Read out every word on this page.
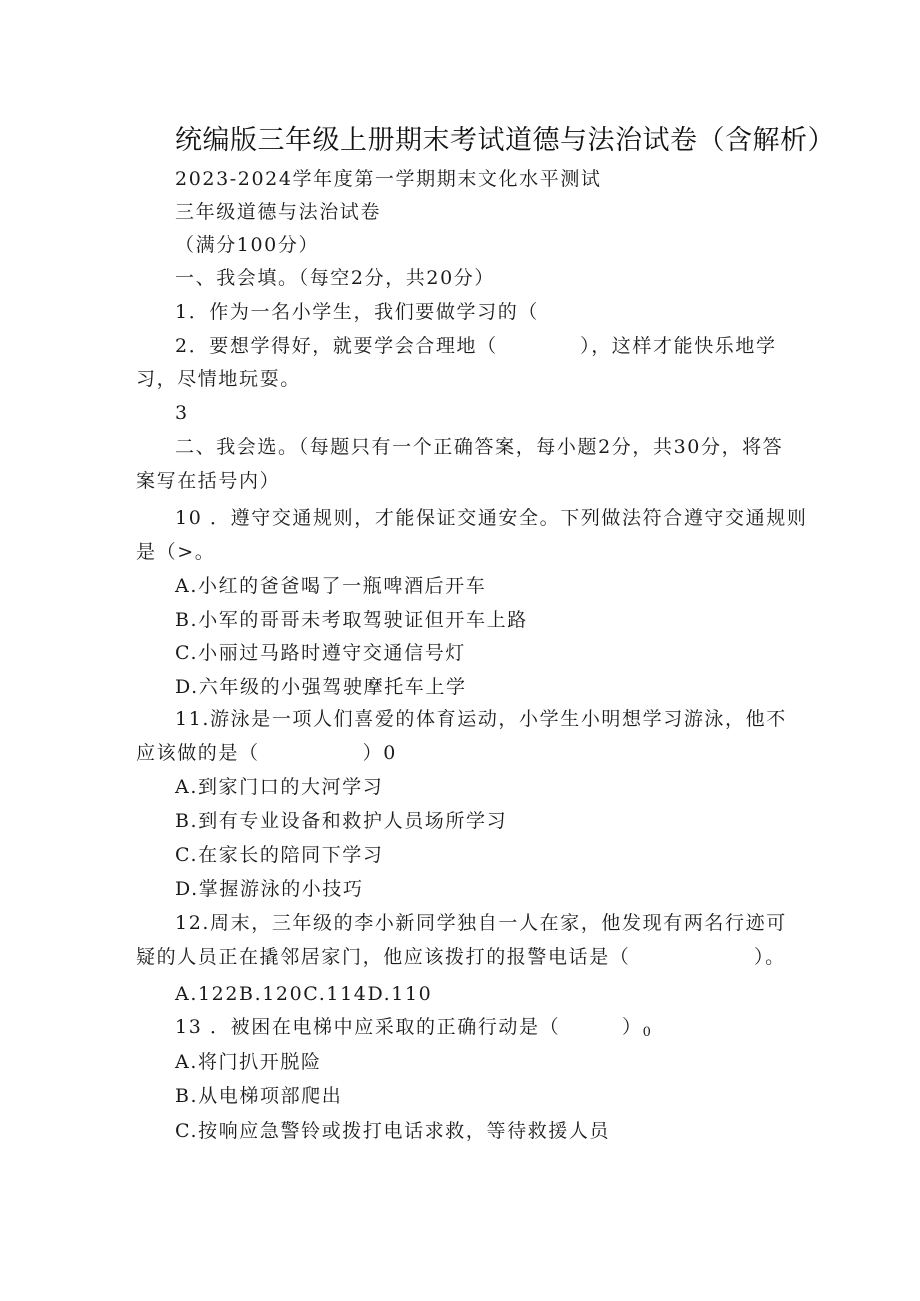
统编版三年级上册期末考试道德与法治试卷（含解析）
2023-2024学年度第一学期期末文化水平测试
三年级道德与法治试卷
（满分100分）
一、我会填。（每空2分，共20分）
1．作为一名小学生，我们要做学习的（
2．要想学得好，就要学会合理地（　　　　），这样才能快乐地学
习，尽情地玩耍。
3
二、我会选。（每题只有一个正确答案，每小题2分，共30分，将答
案写在括号内）
10 ．遵守交通规则，才能保证交通安全。下列做法符合遵守交通规则
是（>。
A.小红的爸爸喝了一瓶啤酒后开车
B.小军的哥哥未考取驾驶证但开车上路
C.小丽过马路时遵守交通信号灯
D.六年级的小强驾驶摩托车上学
11.游泳是一项人们喜爱的体育运动，小学生小明想学习游泳，他不
应该做的是（　　　　　）0
A.到家门口的大河学习
B.到有专业设备和救护人员场所学习
C.在家长的陪同下学习
D.掌握游泳的小技巧
12.周末，三年级的李小新同学独自一人在家，他发现有两名行迹可
疑的人员正在撬邻居家门，他应该拨打的报警电话是（　　　　　　）。
A.122B.120C.114D.110
13 ．被困在电梯中应采取的正确行动是（　　　）$_0$
A.将门扒开脱险
B.从电梯项部爬出
C.按响应急警铃或拨打电话求救，等待救援人员
